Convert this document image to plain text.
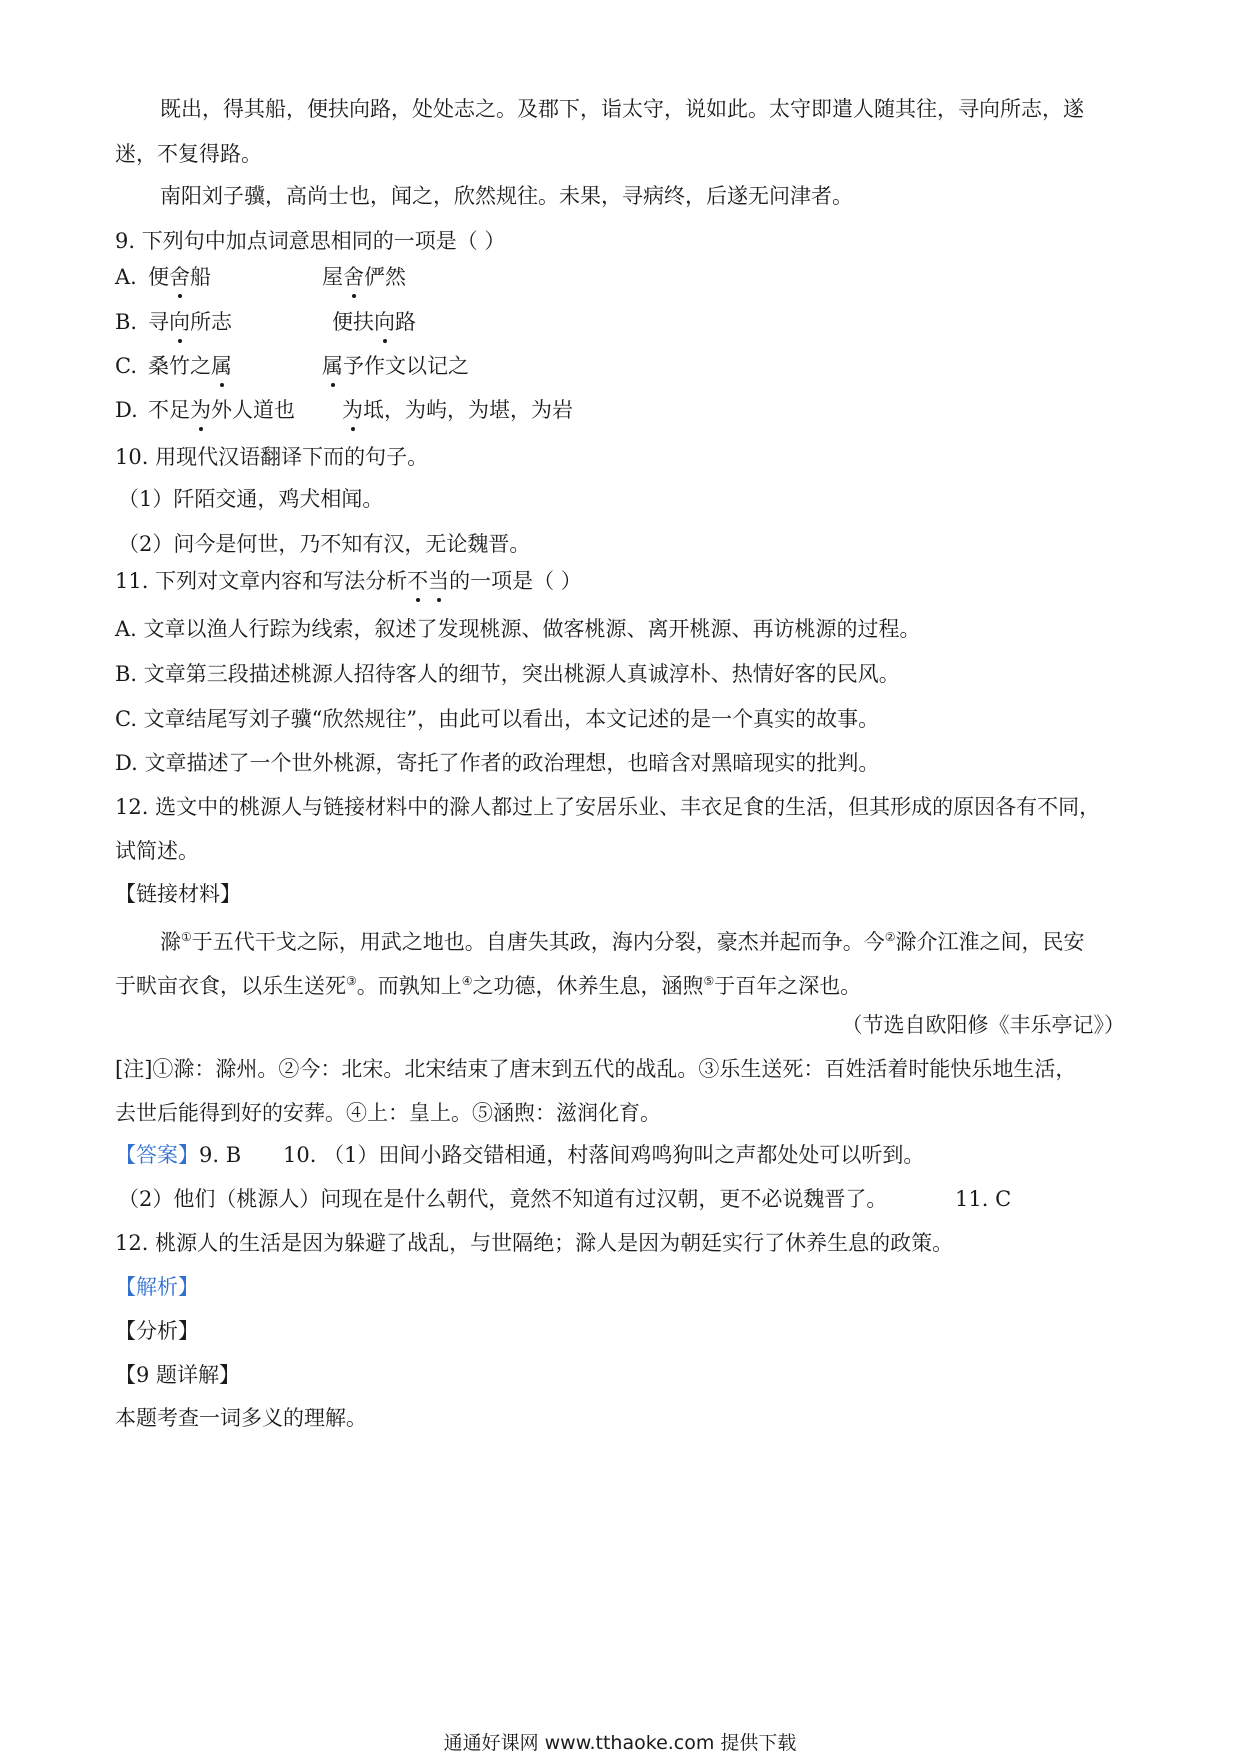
既出，得其船，便扶向路，处处志之。及郡下，诣太守，说如此。太守即遣人随其往，寻向所志，遂
迷，不复得路。
南阳刘子骥，高尚士也，闻之，欣然规往。未果，寻病终，后遂无问津者。
9. 下列句中加点词意思相同的一项是（ ）
A. 便舍船	屋舍俨然
B. 寻向所志	便扶向路
C. 桑竹之属	属予作文以记之
D. 不足为外人道也 为坻，为屿，为堪，为岩
10. 用现代汉语翻译下而的句子。
（1）阡陌交通，鸡犬相闻。
（2）问今是何世，乃不知有汉，无论魏晋。
11. 下列对文章内容和写法分析不当的一项是（ ）
A. 文章以渔人行踪为线索，叙述了发现桃源、做客桃源、离开桃源、再访桃源的过程。
B. 文章第三段描述桃源人招待客人的细节，突出桃源人真诚淳朴、热情好客的民风。
C. 文章结尾写刘子骥“欣然规往”，由此可以看出，本文记述的是一个真实的故事。
D. 文章描述了一个世外桃源，寄托了作者的政治理想，也暗含对黑暗现实的批判。
12. 选文中的桃源人与链接材料中的滁人都过上了安居乐业、丰衣足食的生活，但其形成的原因各有不同，
试简述。
【链接材料】
滁①于五代干戈之际，用武之地也。自唐失其政，海内分裂，豪杰并起而争。今②滁介江淮之间，民安
于畎亩衣食，以乐生送死③。而孰知上④之功德，休养生息，涵煦⑤于百年之深也。
（节选自欧阳修《丰乐亭记》）
[注]①滁：滁州。②今：北宋。北宋结束了唐末到五代的战乱。③乐生送死：百姓活着时能快乐地生活，
去世后能得到好的安葬。④上：皇上。⑤涵煦：滋润化育。
【答案】9. B	10. （1）田间小路交错相通，村落间鸡鸣狗叫之声都处处可以听到。
（2）他们（桃源人）问现在是什么朝代，竟然不知道有过汉朝，更不必说魏晋了。	11. C
12. 桃源人的生活是因为躲避了战乱，与世隔绝；滁人是因为朝廷实行了休养生息的政策。
【解析】
【分析】
【9 题详解】
本题考查一词多义的理解。
通通好课网 www.tthaoke.com 提供下载
